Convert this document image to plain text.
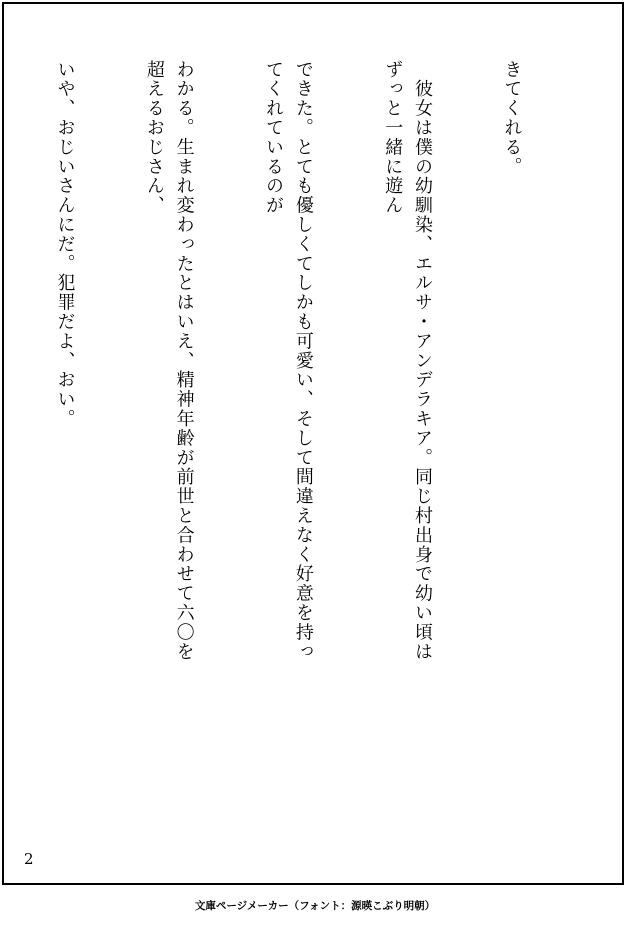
きてくれる。

　彼女は僕の幼馴染、エルサ・アンデラキア。同じ村出身で幼い頃はずっと一緒に遊ん

できた。とても優しくてしかも可愛い、そして間違えなく好意を持ってくれているのが

わかる。生まれ変わったとはいえ、精神年齢が前世と合わせて六〇を超えるおじさん、

いや、おじいさんにだ。犯罪だよ、おい。

2
文庫ページメーカー（フォント：源暎こぶり明朝）
